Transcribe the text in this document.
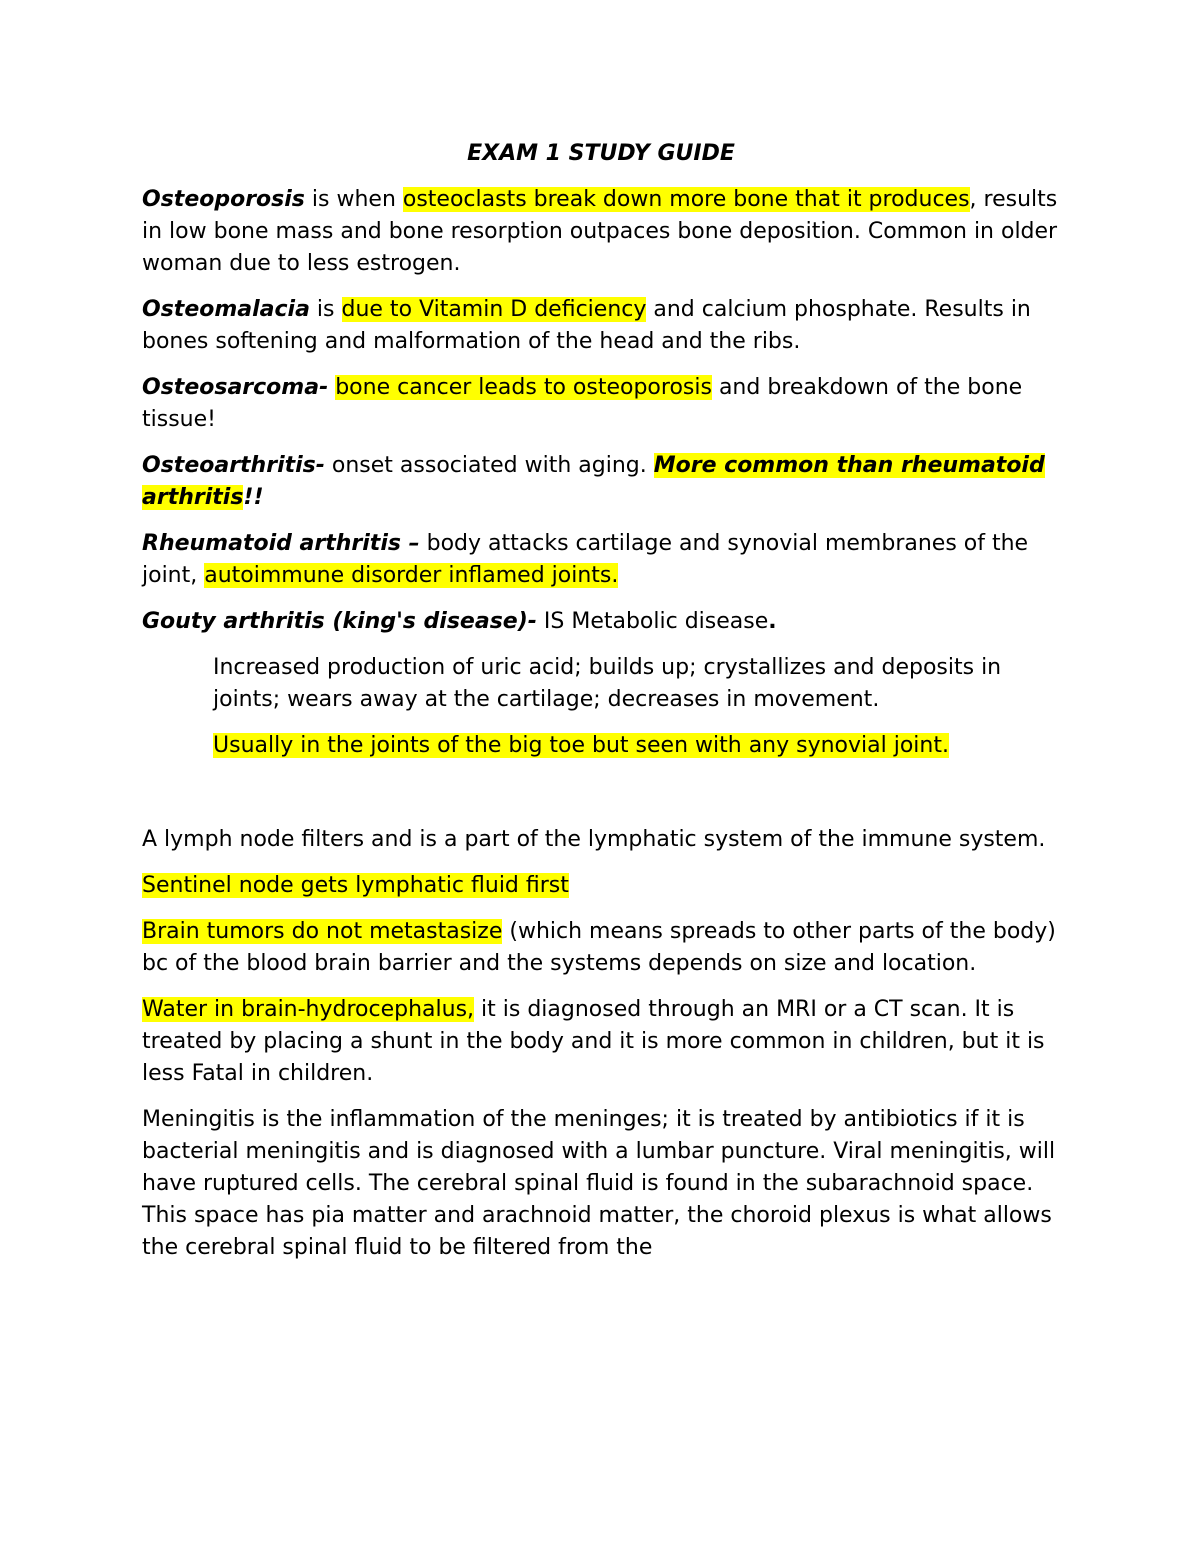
EXAM 1 STUDY GUIDE

Osteoporosis is when osteoclasts break down more bone that it produces, results in low bone mass and bone resorption outpaces bone deposition. Common in older woman due to less estrogen.

Osteomalacia is due to Vitamin D deficiency and calcium phosphate. Results in bones softening and malformation of the head and the ribs.

Osteosarcoma- bone cancer leads to osteoporosis and breakdown of the bone tissue!

Osteoarthritis- onset associated with aging. More common than rheumatoid arthritis!!

Rheumatoid arthritis – body attacks cartilage and synovial membranes of the joint, autoimmune disorder inflamed joints.

Gouty arthritis (king's disease)- IS Metabolic disease.

Increased production of uric acid; builds up; crystallizes and deposits in joints; wears away at the cartilage; decreases in movement.

Usually in the joints of the big toe but seen with any synovial joint.

A lymph node filters and is a part of the lymphatic system of the immune system.

Sentinel node gets lymphatic fluid first

Brain tumors do not metastasize (which means spreads to other parts of the body) bc of the blood brain barrier and the systems depends on size and location.

Water in brain-hydrocephalus, it is diagnosed through an MRI or a CT scan. It is treated by placing a shunt in the body and it is more common in children, but it is less Fatal in children.

Meningitis is the inflammation of the meninges; it is treated by antibiotics if it is bacterial meningitis and is diagnosed with a lumbar puncture. Viral meningitis, will have ruptured cells. The cerebral spinal fluid is found in the subarachnoid space. This space has pia matter and arachnoid matter, the choroid plexus is what allows the cerebral spinal fluid to be filtered from the
